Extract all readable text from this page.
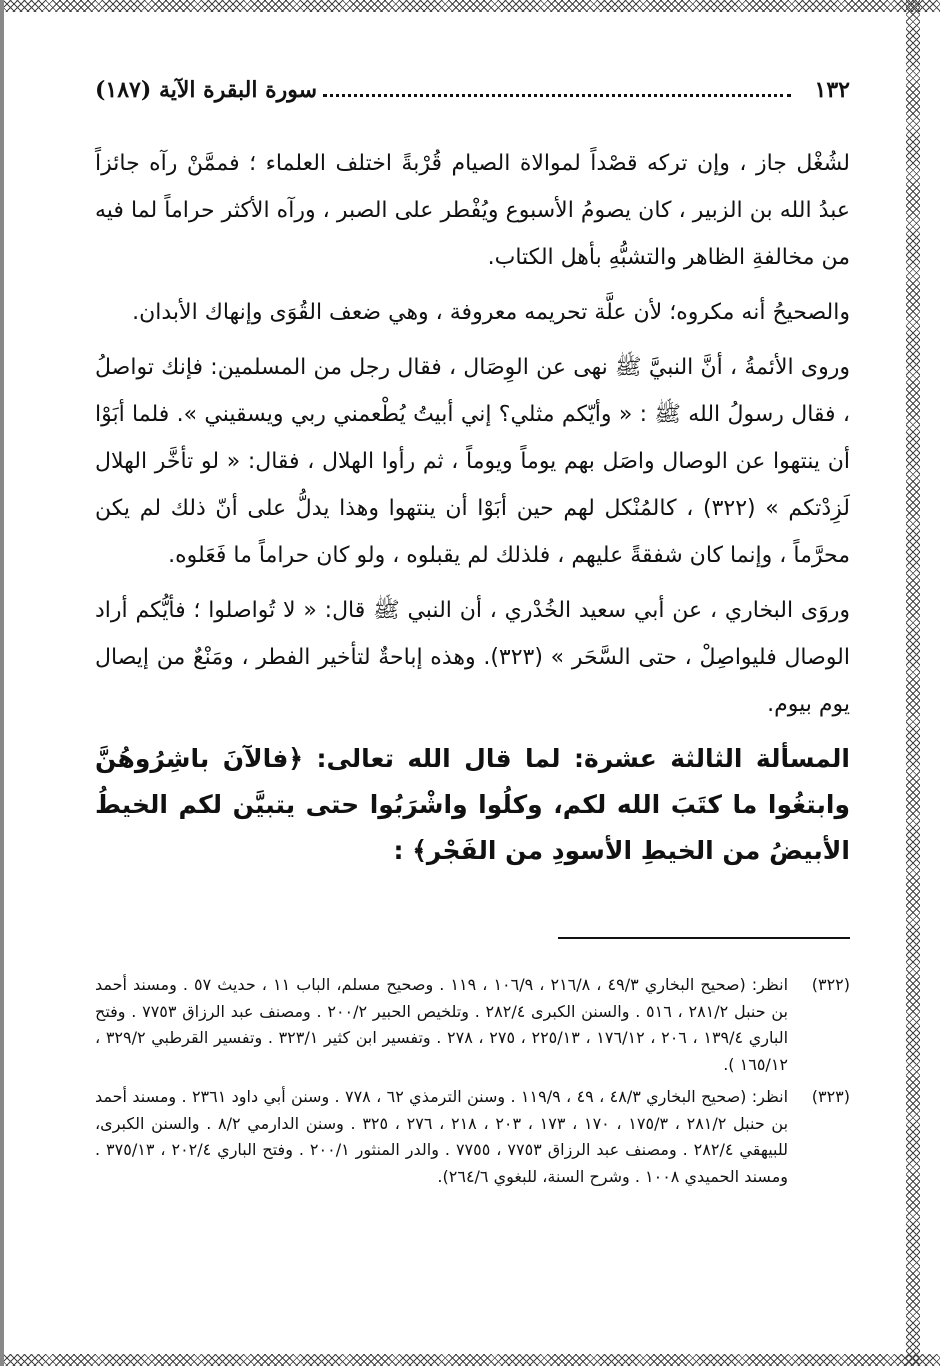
١٣٢
سورة البقرة الآية (١٨٧)

لشُغْل جاز ، وإن تركه قصْداً لموالاة الصيام قُرْبةً اختلف العلماء ؛ فممَّنْ رآه جائزاً عبدُ الله بن الزبير ، كان يصومُ الأسبوع ويُفْطر على الصبر ، ورآه الأكثر حراماً لما فيه من مخالفةِ الظاهر والتشبُّهِ بأهل الكتاب.

والصحيحُ أنه مكروه؛ لأن علَّة تحريمه معروفة ، وهي ضعف القُوَى وإنهاك الأبدان.

وروى الأئمةُ ، أنَّ النبيَّ ﷺ نهى عن الوِصَال ، فقال رجل من المسلمين: فإنك تواصلُ ، فقال رسولُ الله ﷺ : « وأيّكم مثلي؟ إني أبيتُ يُطْعمني ربي ويسقيني ». فلما أبَوْا أن ينتهوا عن الوصال واصَل بهم يوماً ويوماً ، ثم رأوا الهلال ، فقال: « لو تأخَّر الهلال لَزِدْتكم » (٣٢٢) ، كالمُنْكل لهم حين أبَوْا أن ينتهوا وهذا يدلُّ على أنّ ذلك لم يكن محرَّماً ، وإنما كان شفقةً عليهم ، فلذلك لم يقبلوه ، ولو كان حراماً ما فَعَلوه.

وروَى البخاري ، عن أبي سعيد الخُدْري ، أن النبي ﷺ قال: « لا تُواصلوا ؛ فأيُّكم أراد الوصال فليواصِلْ ، حتى السَّحَر » (٣٢٣). وهذه إباحةٌ لتأخير الفطر ، ومَنْعٌ من إيصال يوم بيوم.

المسألة الثالثة عشرة: لما قال الله تعالى: ﴿فالآنَ باشِرُوهُنَّ وابتغُوا ما كتَبَ الله لكم، وكلُوا واشْرَبُوا حتى يتبيَّن لكم الخيطُ الأبيضُ من الخيطِ الأسودِ من الفَجْر﴾ :

(٣٢٢)
انظر: (صحيح البخاري ٤٩/٣ ، ٢١٦/٨ ، ١٠٦/٩ ، ١١٩ . وصحيح مسلم، الباب ١١ ، حديث ٥٧ . ومسند أحمد بن حنبل ٢٨١/٢ ، ٥١٦ . والسنن الكبرى ٢٨٢/٤ . وتلخيص الحبير ٢٠٠/٢ . ومصنف عبد الرزاق ٧٧٥٣ . وفتح الباري ١٣٩/٤ ، ٢٠٦ ، ١٧٦/١٢ ، ٢٢٥/١٣ ، ٢٧٥ ، ٢٧٨ . وتفسير ابن كثير ٣٢٣/١ . وتفسير القرطبي ٣٢٩/٢ ، ١٦٥/١٢ ).
(٣٢٣)
انظر: (صحيح البخاري ٤٨/٣ ، ٤٩ ، ١١٩/٩ . وسنن الترمذي ٦٢ ، ٧٧٨ . وسنن أبي داود ٢٣٦١ . ومسند أحمد بن حنبل ٢٨١/٢ ، ١٧٥/٣ ، ١٧٠ ، ١٧٣ ، ٢٠٣ ، ٢١٨ ، ٢٧٦ ، ٣٢٥ . وسنن الدارمي ٨/٢ . والسنن الكبرى، للبيهقي ٢٨٢/٤ . ومصنف عبد الرزاق ٧٧٥٣ ، ٧٧٥٥ . والدر المنثور ٢٠٠/١ . وفتح الباري ٢٠٢/٤ ، ٣٧٥/١٣ . ومسند الحميدي ١٠٠٨ . وشرح السنة، للبغوي ٢٦٤/٦).
